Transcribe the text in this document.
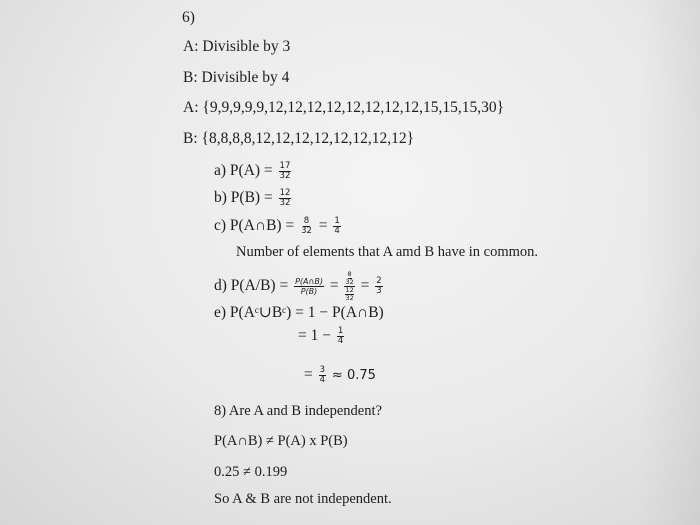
6)
A: Divisible by 3
B: Divisible by 4
A: {9,9,9,9,9,12,12,12,12,12,12,12,12,15,15,15,30}
B: {8,8,8,8,12,12,12,12,12,12,12,12}
a) $P(A) = \frac{17}{32}$
b) $P(B) = \frac{12}{32}$
c) P(A∩B) = $\frac{8}{32} = \frac{1}{4}$
Number of elements that A amd B have in common.
d) $P(A/B) = \frac{P(A\cap B)}{P(B)} = \frac{\frac{8}{32}}{\frac{12}{32}} = \frac{2}{3}$
e) P(Aᶜ∪Bᶜ) = 1 − P(A∩B)
= $1 - \frac{1}{4}$
= $\frac{3}{4} \approx 0.75$
8) Are A and B independent?
P(A∩B) ≠ P(A) x P(B)
0.25 ≠ 0.199
So A & B are not independent.
